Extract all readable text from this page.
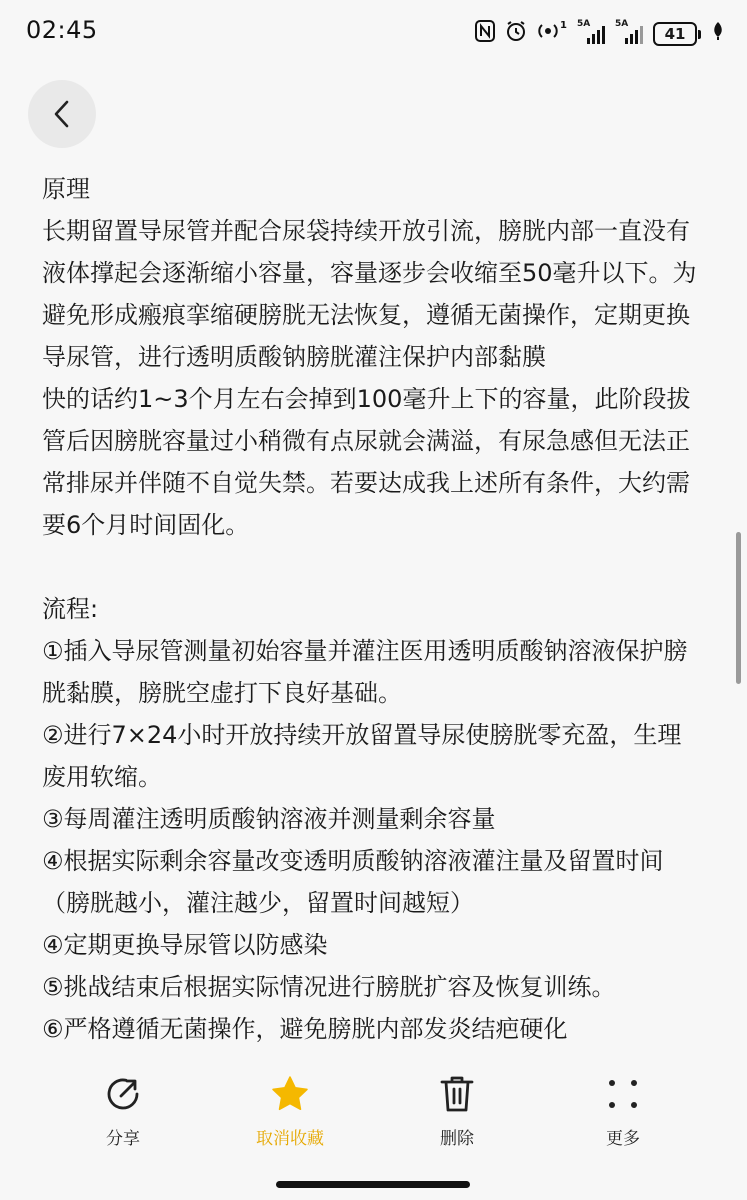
02:45	1 5A	5A
41

原理

长期留置导尿管并配合尿袋持续开放引流，膀胱内部一直没有液体撑起会逐渐缩小容量，容量逐步会收缩至50毫升以下。为避免形成瘢痕挛缩硬膀胱无法恢复，遵循无菌操作，定期更换导尿管，进行透明质酸钠膀胱灌注保护内部黏膜

快的话约1~3个月左右会掉到100毫升上下的容量，此阶段拔管后因膀胱容量过小稍微有点尿就会满溢，有尿急感但无法正常排尿并伴随不自觉失禁。若要达成我上述所有条件，大约需要6个月时间固化。

流程:

①插入导尿管测量初始容量并灌注医用透明质酸钠溶液保护膀胱黏膜，膀胱空虚打下良好基础。

②进行7×24小时开放持续开放留置导尿使膀胱零充盈，生理废用软缩。

③每周灌注透明质酸钠溶液并测量剩余容量

④根据实际剩余容量改变透明质酸钠溶液灌注量及留置时间（膀胱越小，灌注越少，留置时间越短）

④定期更换导尿管以防感染

⑤挑战结束后根据实际情况进行膀胱扩容及恢复训练。

⑥严格遵循无菌操作，避免膀胱内部发炎结疤硬化

分享	取消收藏	删除	更多
